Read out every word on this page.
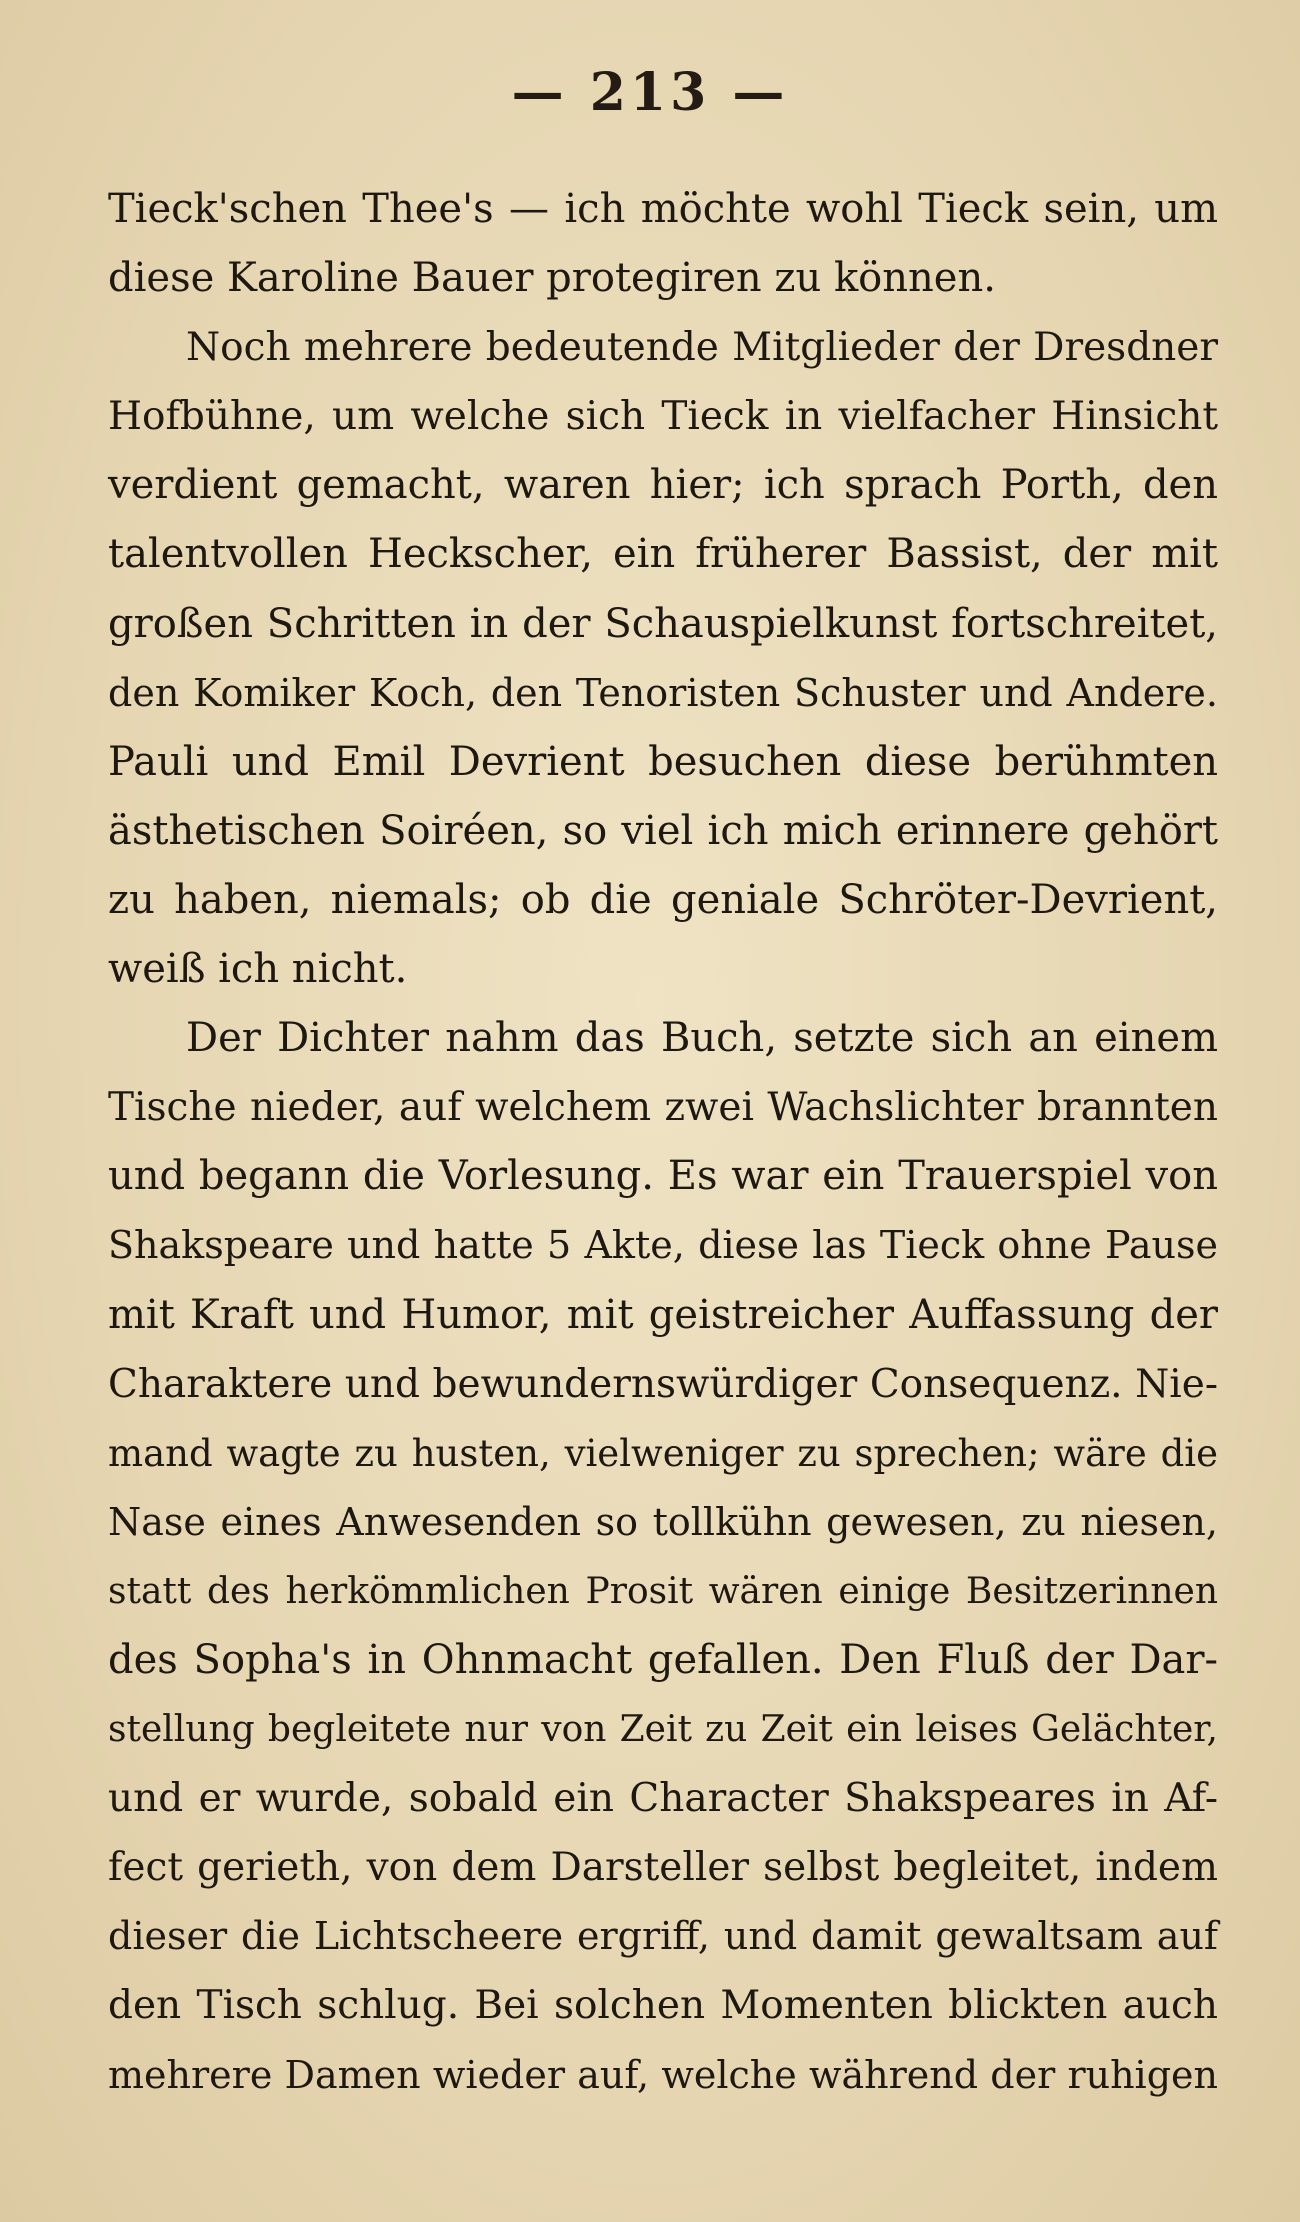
— 213 —
Tieck'schen Thee's — ich möchte wohl Tieck sein, um
diese Karoline Bauer protegiren zu können.
Noch mehrere bedeutende Mitglieder der Dresdner
Hofbühne, um welche sich Tieck in vielfacher Hinsicht
verdient gemacht, waren hier; ich sprach Porth, den
talentvollen Heckscher, ein früherer Bassist, der mit
großen Schritten in der Schauspielkunst fortschreitet,
den Komiker Koch, den Tenoristen Schuster und Andere.
Pauli und Emil Devrient besuchen diese berühmten
ästhetischen Soiréen, so viel ich mich erinnere gehört
zu haben, niemals; ob die geniale Schröter-Devrient,
weiß ich nicht.
Der Dichter nahm das Buch, setzte sich an einem
Tische nieder, auf welchem zwei Wachslichter brannten
und begann die Vorlesung. Es war ein Trauerspiel von
Shakspeare und hatte 5 Akte, diese las Tieck ohne Pause
mit Kraft und Humor, mit geistreicher Auffassung der
Charaktere und bewundernswürdiger Consequenz. Nie-
mand wagte zu husten, vielweniger zu sprechen; wäre die
Nase eines Anwesenden so tollkühn gewesen, zu niesen,
statt des herkömmlichen Prosit wären einige Besitzerinnen
des Sopha's in Ohnmacht gefallen. Den Fluß der Dar-
stellung begleitete nur von Zeit zu Zeit ein leises Gelächter,
und er wurde, sobald ein Character Shakspeares in Af-
fect gerieth, von dem Darsteller selbst begleitet, indem
dieser die Lichtscheere ergriff, und damit gewaltsam auf
den Tisch schlug. Bei solchen Momenten blickten auch
mehrere Damen wieder auf, welche während der ruhigen
